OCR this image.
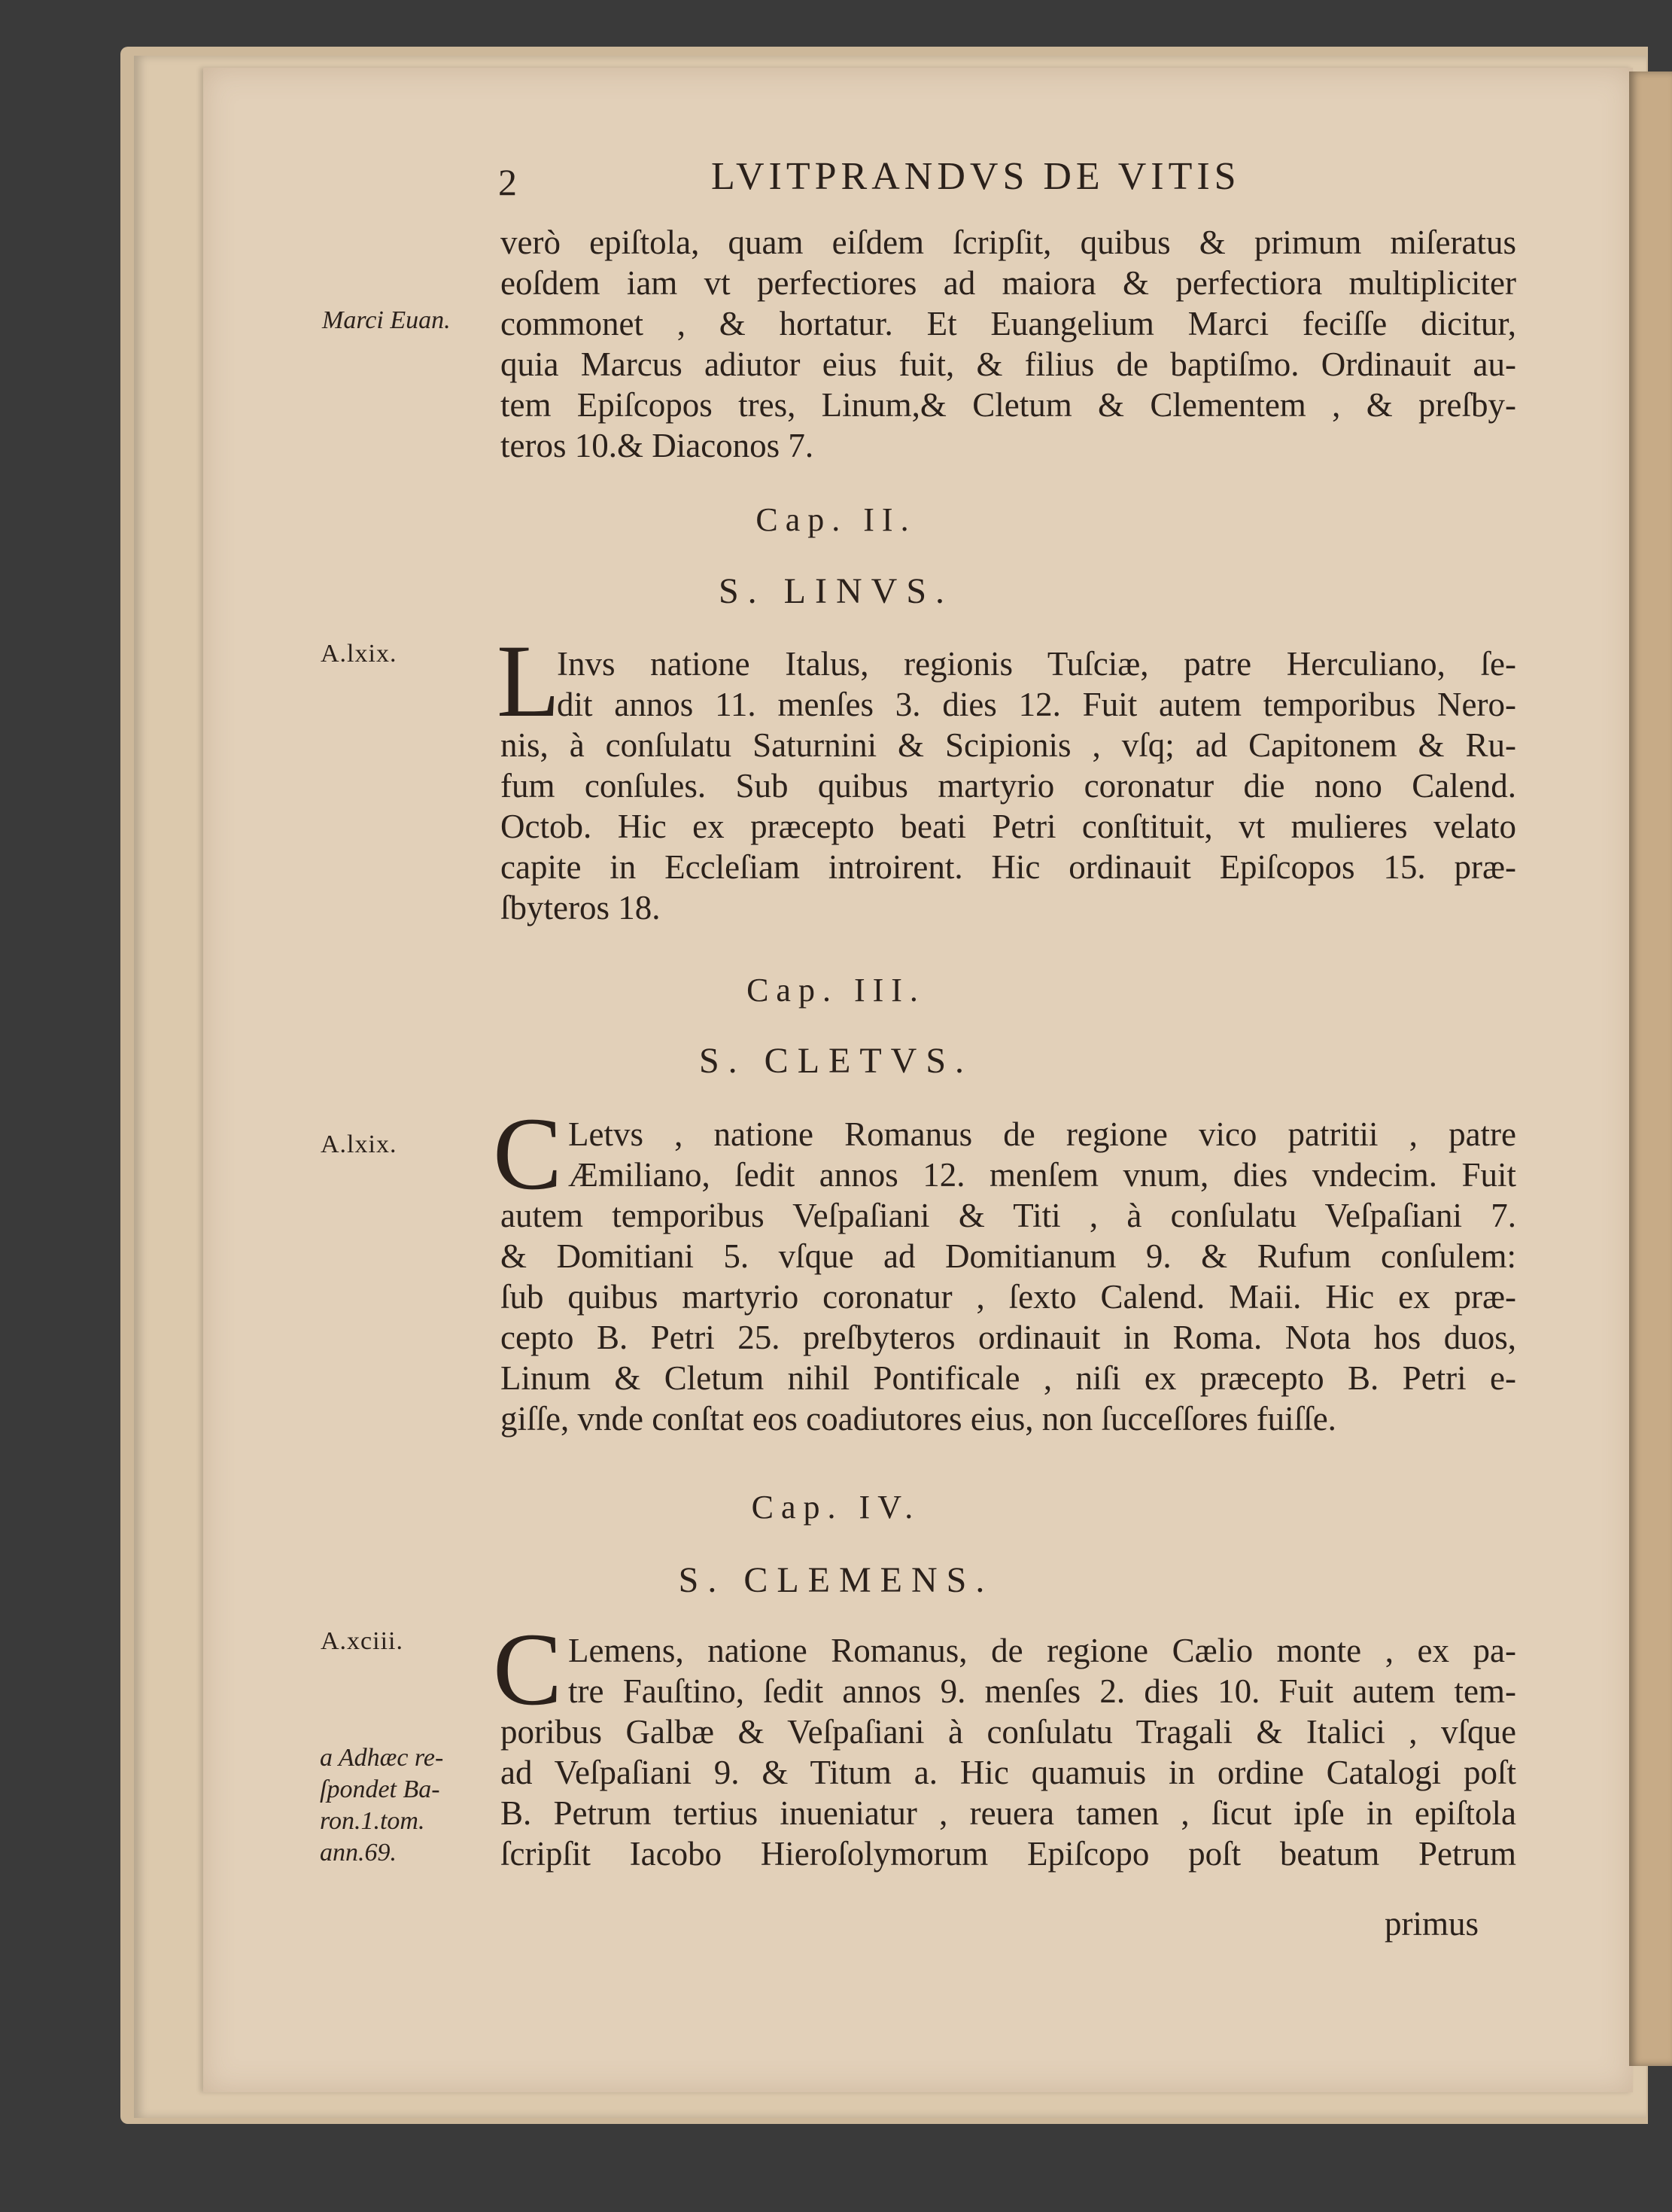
2	LVITPRANDVS DE VITIS
Marci Euan.
verò epiſtola, quam eiſdem ſcripſit, quibus & primum miſeratus
eoſdem iam vt perfectiores ad maiora & perfectiora multipliciter
commonet , & hortatur. Et Euangelium Marci feciſſe dicitur,
quia Marcus adiutor eius fuit, & filius de baptiſmo. Ordinauit au-
tem Epiſcopos tres, Linum,& Cletum & Clementem , & preſby-
teros 10.& Diaconos 7.
Cap. II.
S. LINVS.
A.lxix. L
Invs natione Italus, regionis Tuſciæ, patre Herculiano, ſe-
dit annos 11. menſes 3. dies 12. Fuit autem temporibus Nero-
nis, à conſulatu Saturnini & Scipionis , vſq; ad Capitonem & Ru-
fum conſules. Sub quibus martyrio coronatur die nono Calend.
Octob. Hic ex præcepto beati Petri conſtituit, vt mulieres velato
capite in Eccleſiam introirent. Hic ordinauit Epiſcopos 15. præ-
ſbyteros 18.
Cap. III.
S. CLETVS.
A.lxix. C Letvs , natione Romanus de regione vico patritii , patre
Æmiliano, ſedit annos 12. menſem vnum, dies vndecim. Fuit
autem temporibus Veſpaſiani & Titi , à conſulatu Veſpaſiani 7.
& Domitiani 5. vſque ad Domitianum 9. & Rufum conſulem:
ſub quibus martyrio coronatur , ſexto Calend. Maii. Hic ex præ-
cepto B. Petri 25. preſbyteros ordinauit in Roma. Nota hos duos,
Linum & Cletum nihil Pontificale , niſi ex præcepto B. Petri e-
giſſe, vnde conſtat eos coadiutores eius, non ſucceſſores fuiſſe.
Cap. IV.
S. CLEMENS.
A.xciii. C Lemens, natione Romanus, de regione Cælio monte , ex pa-
tre Fauſtino, ſedit annos 9. menſes 2. dies 10. Fuit autem tem-
poribus Galbæ & Veſpaſiani à conſulatu Tragali & Italici , vſque
ad Veſpaſiani 9. & Titum a. Hic quamuis in ordine Catalogi poſt
B. Petrum tertius inueniatur , reuera tamen , ſicut ipſe in epiſtola
ſcripſit Iacobo Hieroſolymorum Epiſcopo poſt beatum Petrum
a Adhæc re-
ſpondet Ba-
ron.1.tom.
ann.69.
primus
